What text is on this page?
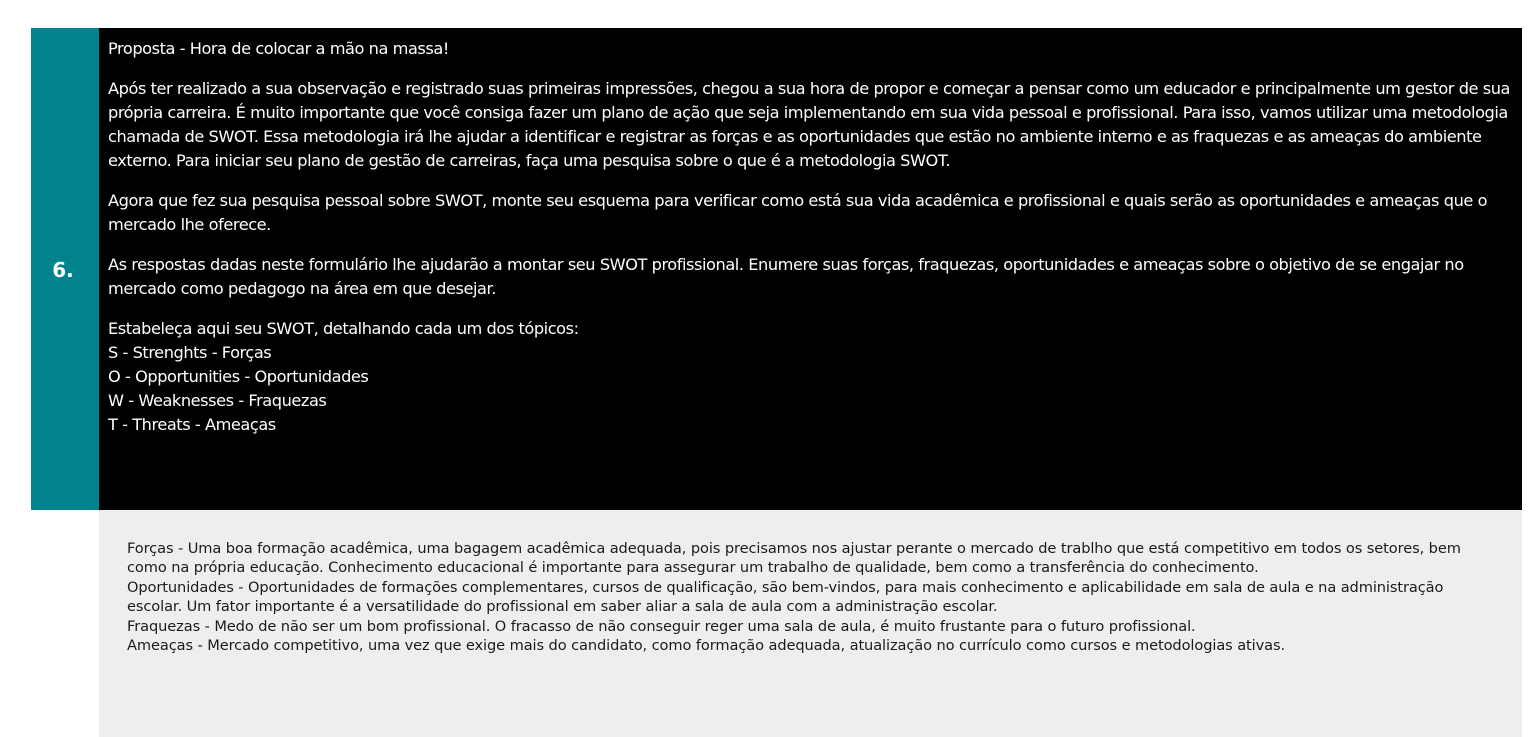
6.

Proposta - Hora de colocar a mão na massa!

Após ter realizado a sua observação e registrado suas primeiras impressões, chegou a sua hora de propor e começar a pensar como um educador e principalmente um gestor de sua própria carreira. É muito importante que você consiga fazer um plano de ação que seja implementando em sua vida pessoal e profissional. Para isso, vamos utilizar uma metodologia chamada de SWOT. Essa metodologia irá lhe ajudar a identificar e registrar as forças e as oportunidades que estão no ambiente interno e as fraquezas e as ameaças do ambiente externo. Para iniciar seu plano de gestão de carreiras, faça uma pesquisa sobre o que é a metodologia SWOT.

Agora que fez sua pesquisa pessoal sobre SWOT, monte seu esquema para verificar como está sua vida acadêmica e profissional e quais serão as oportunidades e ameaças que o mercado lhe oferece.

As respostas dadas neste formulário lhe ajudarão a montar seu SWOT profissional. Enumere suas forças, fraquezas, oportunidades e ameaças sobre o objetivo de se engajar no mercado como pedagogo na área em que desejar.

Estabeleça aqui seu SWOT, detalhando cada um dos tópicos:
S - Strenghts - Forças
O - Opportunities - Oportunidades
W - Weaknesses - Fraquezas
T - Threats - Ameaças
Forças - Uma boa formação acadêmica, uma bagagem acadêmica adequada, pois precisamos nos ajustar perante o mercado de trablho que está competitivo em todos os setores, bem como na própria educação. Conhecimento educacional é importante para assegurar um trabalho de qualidade, bem como a transferência do conhecimento.
Oportunidades - Oportunidades de formações complementares, cursos de qualificação, são bem-vindos, para mais conhecimento e aplicabilidade em sala de aula e na administração escolar. Um fator importante é a versatilidade do profissional em saber aliar a sala de aula com a administração escolar.
Fraquezas - Medo de não ser um bom profissional. O fracasso de não conseguir reger uma sala de aula, é muito frustante para o futuro profissional.
Ameaças - Mercado competitivo, uma vez que exige mais do candidato, como formação adequada, atualização no currículo como cursos e metodologias ativas.
